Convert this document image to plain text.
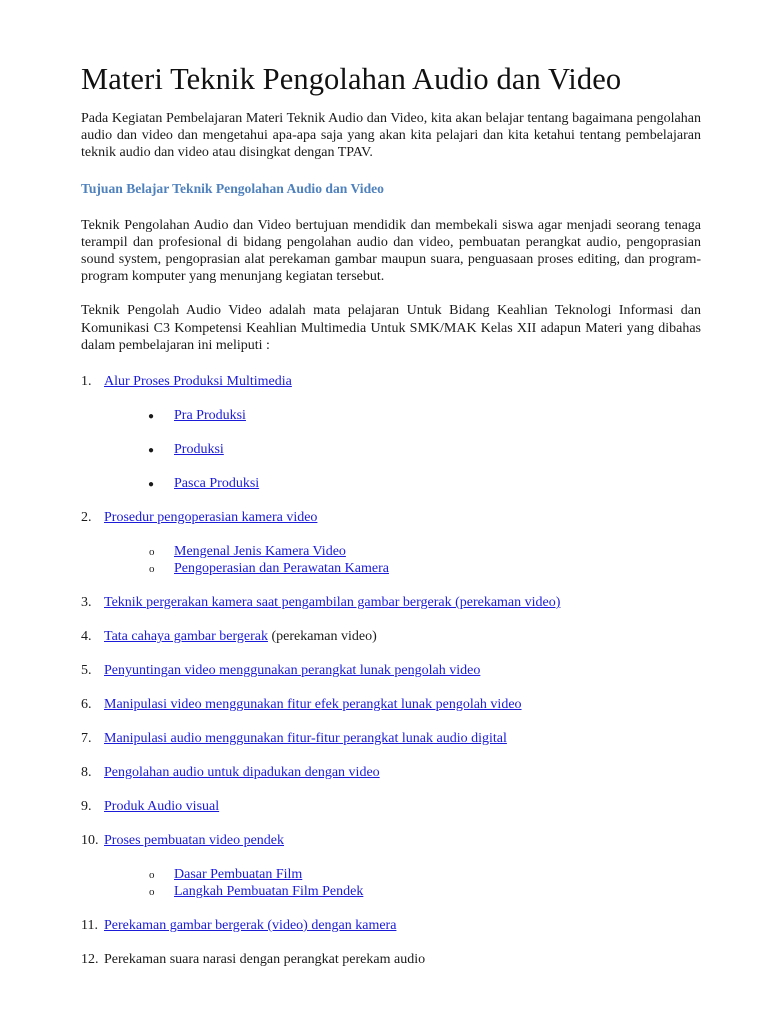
Materi Teknik Pengolahan Audio dan Video

Pada Kegiatan Pembelajaran Materi Teknik Audio dan Video, kita akan belajar tentang bagaimana pengolahan audio dan video dan mengetahui apa-apa saja yang akan kita pelajari dan kita ketahui tentang pembelajaran teknik audio dan video atau disingkat dengan TPAV.

Tujuan Belajar Teknik Pengolahan Audio dan Video

Teknik Pengolahan Audio dan Video bertujuan mendidik dan membekali siswa agar menjadi seorang tenaga terampil dan profesional di bidang pengolahan audio dan video, pembuatan perangkat audio, pengoprasian sound system, pengoprasian alat perekaman gambar maupun suara, penguasaan proses editing, dan program-program komputer yang menunjang kegiatan tersebut.

Teknik Pengolah Audio Video adalah mata pelajaran Untuk Bidang Keahlian Teknologi Informasi dan Komunikasi C3 Kompetensi Keahlian Multimedia Untuk SMK/MAK Kelas XII adapun Materi yang dibahas dalam pembelajaran ini meliputi :

1. Alur Proses Produksi Multimedia
● Pra Produksi
● Produksi
● Pasca Produksi
2. Prosedur pengoperasian kamera video
o Mengenal Jenis Kamera Video
o Pengoperasian dan Perawatan Kamera
3. Teknik pergerakan kamera saat pengambilan gambar bergerak (perekaman video)
4. Tata cahaya gambar bergerak (perekaman video)
5. Penyuntingan video menggunakan perangkat lunak pengolah video
6. Manipulasi video menggunakan fitur efek perangkat lunak pengolah video
7. Manipulasi audio menggunakan fitur-fitur perangkat lunak audio digital
8. Pengolahan audio untuk dipadukan dengan video
9. Produk Audio visual
10. Proses pembuatan video pendek
o Dasar Pembuatan Film
o Langkah Pembuatan Film Pendek
11. Perekaman gambar bergerak (video) dengan kamera
12. Perekaman suara narasi dengan perangkat perekam audio
